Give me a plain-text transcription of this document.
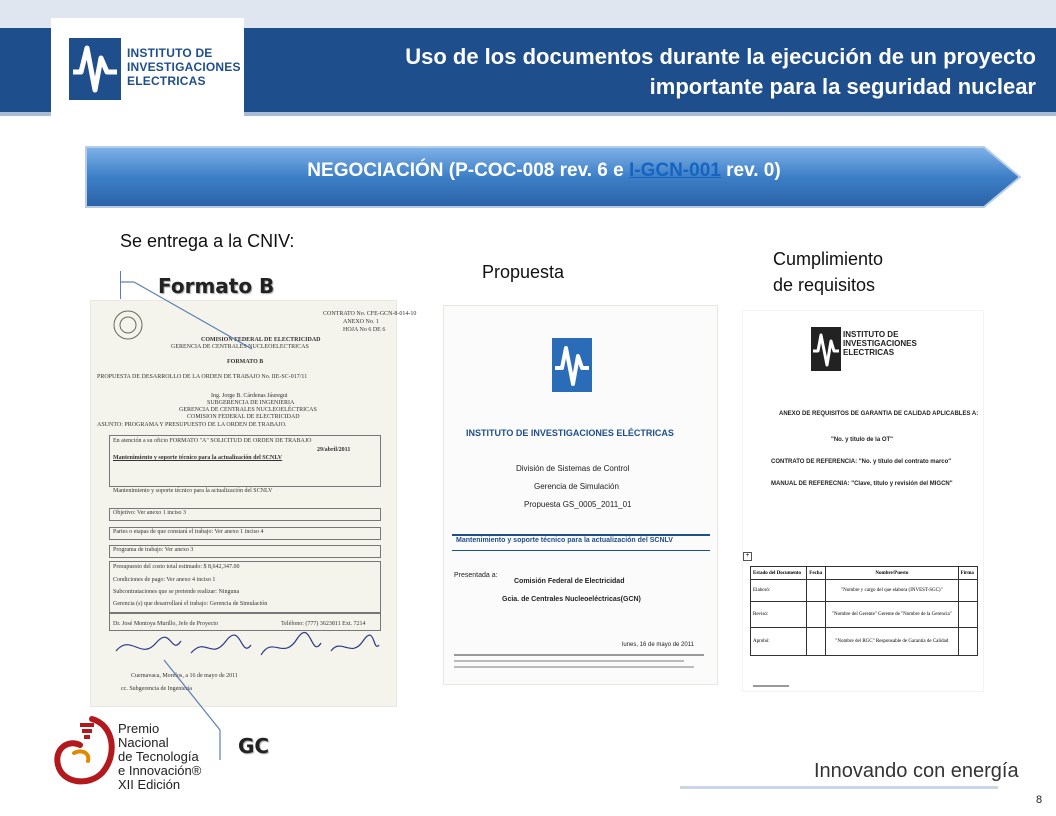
INSTITUTO DE
INVESTIGACIONES
ELECTRICAS
Uso de los documentos durante la ejecución de un proyecto
importante para la seguridad nuclear
NEGOCIACIÓN (P-COC-008 rev. 6 e I-GCN-001 rev. 0)
Se entrega a la CNIV:
Propuesta
Cumplimiento
de requisitos
Formato B
CONTRATO No. CFE-GCN-8-014-10
ANEXO No. 1
HOJA No 6 DE 6
COMISION FEDERAL DE ELECTRICIDAD
GERENCIA DE CENTRALES NUCLEOELECTRICAS
FORMATO B
PROPUESTA DE DESARROLLO DE LA ORDEN DE TRABAJO No. IIE-SC-017/11
Ing. Jorge B. Cárdenas Jáuregui
SUBGERENCIA DE INGENIERIA
GERENCIA DE CENTRALES NUCLEOELÉCTRICAS
COMISION FEDERAL DE ELECTRICIDAD
ASUNTO: PROGRAMA Y PRESUPUESTO DE LA ORDEN DE TRABAJO.
En atención a su oficio FORMATO "A" SOLICITUD DE ORDEN DE TRABAJO
29/abril/2011
Mantenimiento y soporte técnico para la actualización del SCNLV
Mantenimiento y soporte técnico para la actualización del SCNLV
Objetivo: Ver anexo 1 inciso 3
Partes o etapas de que constará el trabajo: Ver anexo 1 inciso 4
Programa de trabajo: Ver anexo 3
Presupuesto del costo total estimado: $ 8,642,347.00
Condiciones de pago: Ver anexo 4 inciso 1
Subcontrataciones que se pretende realizar: Ninguna
Gerencia (s) que desarrollará el trabajo: Gerencia de Simulación
Dr. José Montoya Murillo, Jefe de Proyecto	Teléfono: (777) 3623811 Ext. 7214
Cuernavaca, Morelos, a 16 de mayo de 2011
cc. Subgerencia de Ingeniería
GC
INSTITUTO DE INVESTIGACIONES ELÉCTRICAS
División de Sistemas de Control
Gerencia de Simulación
Propuesta GS_0005_2011_01
Mantenimiento y soporte técnico para la actualización del SCNLV
Presentada a:
Comisión Federal de Electricidad
Gcia. de Centrales Nucleoeléctricas(GCN)
lunes, 16 de mayo de 2011
INSTITUTO DE
INVESTIGACIONES
ELECTRICAS
ANEXO DE REQUISITOS DE GARANTIA DE CALIDAD APLICABLES A:
"No. y título de la OT"
CONTRATO DE REFERENCIA: "No. y título del contrato marco"
MANUAL DE REFERECNIA: "Clave, título y revisión del MIGCN"
+
Estado del Documento	Fecha	Nombre/Puesto	Firma
Elaboró:		"Nombre y cargo del que elabora (INVEST-SGC)"	
Revisó:		"Nombre del Gerente" Gerente de "Nombre de la Gerencia"	
Aprobó:		"Nombre del RGC" Responsable de Garantía de Calidad	
Premio
Nacional
de Tecnología
e Innovación®
XII Edición
Innovando con energía
8
